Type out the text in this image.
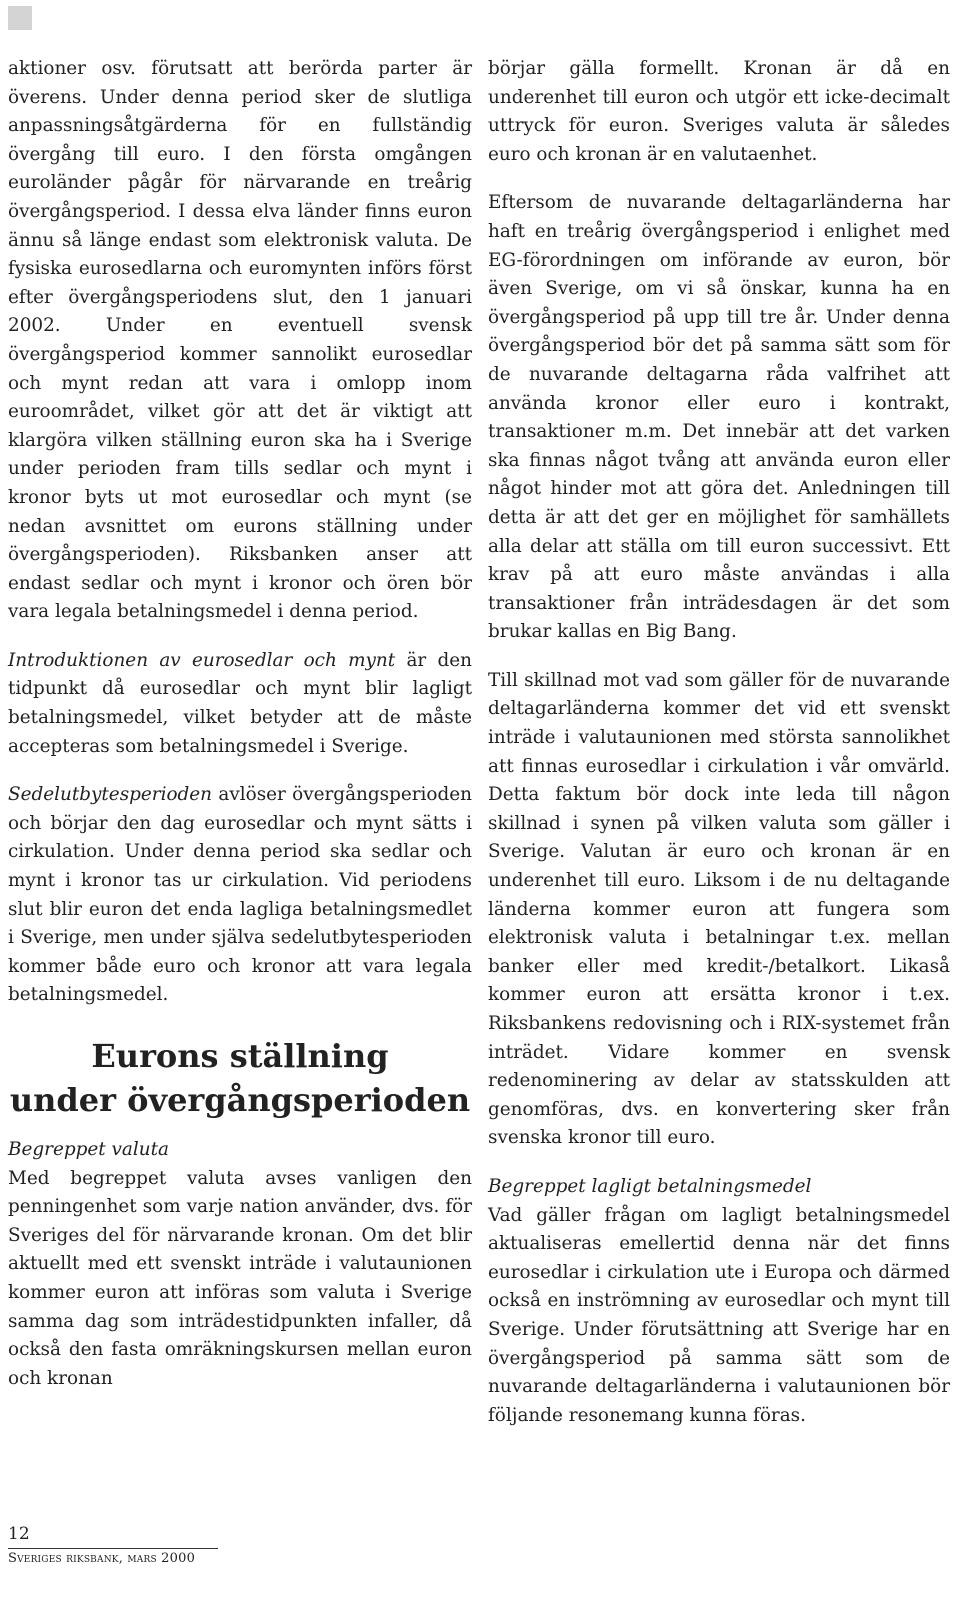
aktioner osv. förutsatt att berörda parter är överens. Under denna period sker de slutliga anpassningsåtgärderna för en fullständig övergång till euro. I den första omgången euroländer pågår för närvarande en treårig övergångsperiod. I dessa elva länder finns euron ännu så länge endast som elektronisk valuta. De fysiska eurosedlarna och euromynten införs först efter övergångsperiodens slut, den 1 januari 2002. Under en eventuell svensk övergångsperiod kommer sannolikt eurosedlar och mynt redan att vara i omlopp inom euroområdet, vilket gör att det är viktigt att klargöra vilken ställning euron ska ha i Sverige under perioden fram tills sedlar och mynt i kronor byts ut mot eurosedlar och mynt (se nedan avsnittet om eurons ställning under övergångsperioden). Riksbanken anser att endast sedlar och mynt i kronor och ören bör vara legala betalningsmedel i denna period.

Introduktionen av eurosedlar och mynt är den tidpunkt då eurosedlar och mynt blir lagligt betalningsmedel, vilket betyder att de måste accepteras som betalningsmedel i Sverige.

Sedelutbytesperioden avlöser övergångsperioden och börjar den dag eurosedlar och mynt sätts i cirkulation. Under denna period ska sedlar och mynt i kronor tas ur cirkulation. Vid periodens slut blir euron det enda lagliga betalningsmedlet i Sverige, men under själva sedelutbytesperioden kommer både euro och kronor att vara legala betalningsmedel.

Eurons ställning
under övergångsperioden
Begreppet valuta

Med begreppet valuta avses vanligen den penningenhet som varje nation använder, dvs. för Sveriges del för närvarande kronan. Om det blir aktuellt med ett svenskt inträde i valutaunionen kommer euron att införas som valuta i Sverige samma dag som inträdestidpunkten infaller, då också den fasta omräkningskursen mellan euron och kronan

börjar gälla formellt. Kronan är då en underenhet till euron och utgör ett icke-decimalt uttryck för euron. Sveriges valuta är således euro och kronan är en valutaenhet.

Eftersom de nuvarande deltagarländerna har haft en treårig övergångsperiod i enlighet med EG-förordningen om införande av euron, bör även Sverige, om vi så önskar, kunna ha en övergångsperiod på upp till tre år. Under denna övergångsperiod bör det på samma sätt som för de nuvarande deltagarna råda valfrihet att använda kronor eller euro i kontrakt, transaktioner m.m. Det innebär att det varken ska finnas något tvång att använda euron eller något hinder mot att göra det. Anledningen till detta är att det ger en möjlighet för samhällets alla delar att ställa om till euron successivt. Ett krav på att euro måste användas i alla transaktioner från inträdesdagen är det som brukar kallas en Big Bang.

Till skillnad mot vad som gäller för de nuvarande deltagarländerna kommer det vid ett svenskt inträde i valutaunionen med största sannolikhet att finnas eurosedlar i cirkulation i vår omvärld. Detta faktum bör dock inte leda till någon skillnad i synen på vilken valuta som gäller i Sverige. Valutan är euro och kronan är en underenhet till euro. Liksom i de nu deltagande länderna kommer euron att fungera som elektronisk valuta i betalningar t.ex. mellan banker eller med kredit-/betalkort. Likaså kommer euron att ersätta kronor i t.ex. Riksbankens redovisning och i RIX-systemet från inträdet. Vidare kommer en svensk redenominering av delar av statsskulden att genomföras, dvs. en konvertering sker från svenska kronor till euro.

Begreppet lagligt betalningsmedel

Vad gäller frågan om lagligt betalningsmedel aktualiseras emellertid denna när det finns eurosedlar i cirkulation ute i Europa och därmed också en inströmning av eurosedlar och mynt till Sverige. Under förutsättning att Sverige har en övergångsperiod på samma sätt som de nuvarande deltagarländerna i valutaunionen bör följande resonemang kunna föras.

12
Sveriges riksbank, mars 2000
